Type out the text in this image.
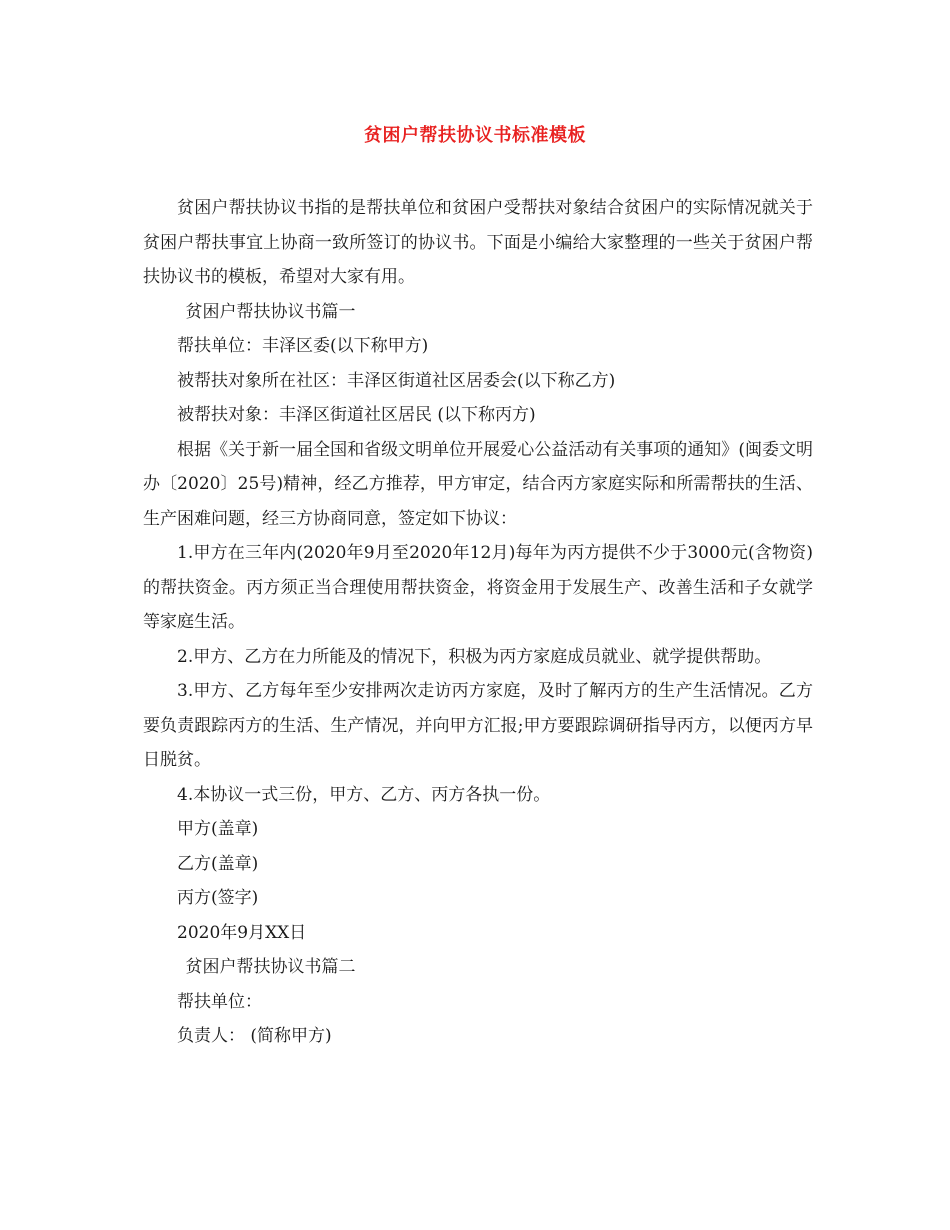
贫困户帮扶协议书标准模板

贫困户帮扶协议书指的是帮扶单位和贫困户受帮扶对象结合贫困户的实际情况就关于贫困户帮扶事宜上协商一致所签订的协议书。下面是小编给大家整理的一些关于贫困户帮扶协议书的模板，希望对大家有用。

贫困户帮扶协议书篇一

帮扶单位：丰泽区委(以下称甲方)

被帮扶对象所在社区：丰泽区街道社区居委会(以下称乙方)

被帮扶对象：丰泽区街道社区居民 (以下称丙方)

根据《关于新一届全国和省级文明单位开展爱心公益活动有关事项的通知》(闽委文明办〔2020〕25号)精神，经乙方推荐，甲方审定，结合丙方家庭实际和所需帮扶的生活、生产困难问题，经三方协商同意，签定如下协议：

1.甲方在三年内(2020年9月至2020年12月)每年为丙方提供不少于3000元(含物资)的帮扶资金。丙方须正当合理使用帮扶资金，将资金用于发展生产、改善生活和子女就学等家庭生活。

2.甲方、乙方在力所能及的情况下，积极为丙方家庭成员就业、就学提供帮助。

3.甲方、乙方每年至少安排两次走访丙方家庭，及时了解丙方的生产生活情况。乙方要负责跟踪丙方的生活、生产情况，并向甲方汇报;甲方要跟踪调研指导丙方，以便丙方早日脱贫。

4.本协议一式三份，甲方、乙方、丙方各执一份。

甲方(盖章)

乙方(盖章)

丙方(签字)

2020年9月XX日

贫困户帮扶协议书篇二

帮扶单位：

负责人： (简称甲方)
